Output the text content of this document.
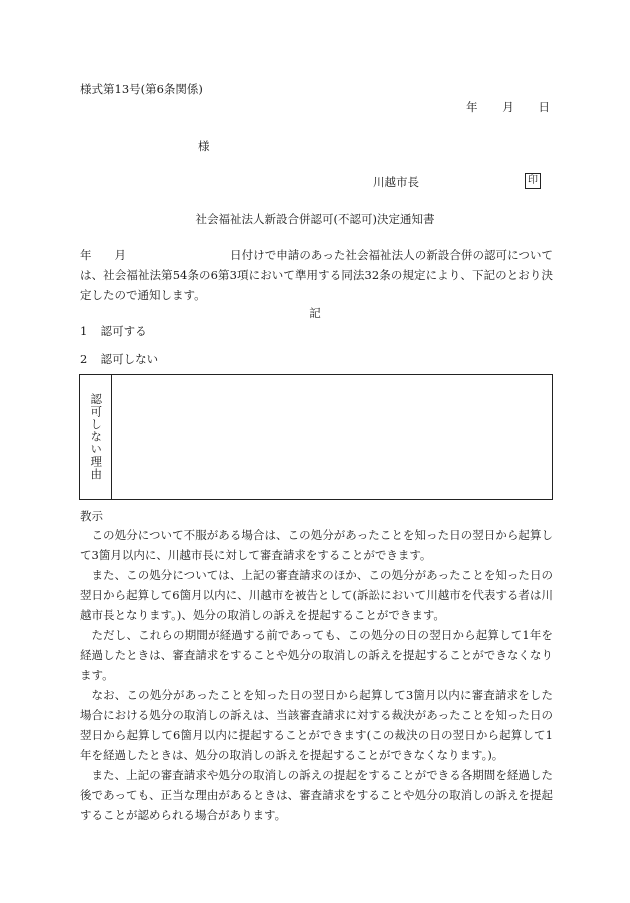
様式第13号(第6条関係)
年 月 日
様
川越市長	印
社会福祉法人新設合併認可(不認可)決定通知書
年　　月	日付けで申請のあった社会福祉法人の新設合併の認可については、社会福祉法第54条の6第3項において準用する同法32条の規定により、下記のとおり決定したので通知します。
記
1 認可する
2 認可しない
認可しない理由
教示

この処分について不服がある場合は、この処分があったことを知った日の翌日から起算して3箇月以内に、川越市長に対して審査請求をすることができます。

また、この処分については、上記の審査請求のほか、この処分があったことを知った日の翌日から起算して6箇月以内に、川越市を被告として(訴訟において川越市を代表する者は川越市長となります。)、処分の取消しの訴えを提起することができます。

ただし、これらの期間が経過する前であっても、この処分の日の翌日から起算して1年を経過したときは、審査請求をすることや処分の取消しの訴えを提起することができなくなります。

なお、この処分があったことを知った日の翌日から起算して3箇月以内に審査請求をした場合における処分の取消しの訴えは、当該審査請求に対する裁決があったことを知った日の翌日から起算して6箇月以内に提起することができます(この裁決の日の翌日から起算して1年を経過したときは、処分の取消しの訴えを提起することができなくなります。)。

また、上記の審査請求や処分の取消しの訴えの提起をすることができる各期間を経過した後であっても、正当な理由があるときは、審査請求をすることや処分の取消しの訴えを提起することが認められる場合があります。
